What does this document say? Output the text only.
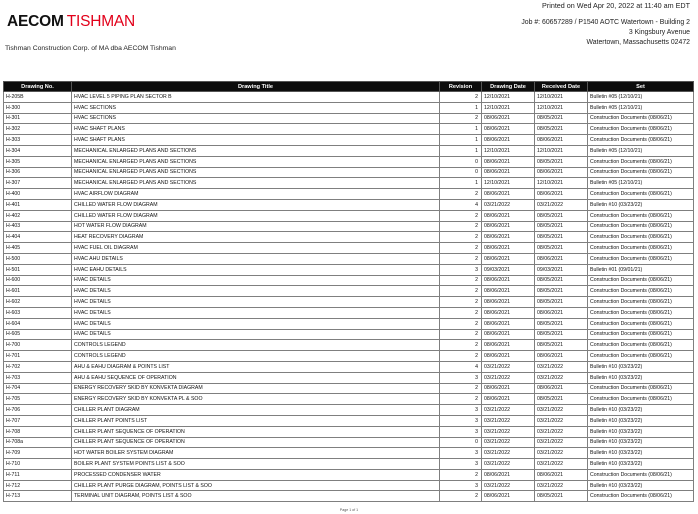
Printed on Wed Apr 20, 2022 at 11:40 am EDT
AECOM TISHMAN
Tishman Construction Corp. of MA dba AECOM Tishman
Job #: 60657289 / P1540 AOTC Watertown - Building 2
3 Kingsbury Avenue
Watertown, Massachusetts 02472
Drawing No.	Drawing Title	Revision	Drawing Date	Received Date	Set
H-205B	HVAC LEVEL 5 PIPING PLAN SECTOR B	2	12/10/2021	12/10/2021	Bulletin #05 (12/10/21)
H-300	HVAC SECTIONS	1	12/10/2021	12/10/2021	Bulletin #05 (12/10/21)
H-301	HVAC SECTIONS	2	08/06/2021	08/05/2021	Construction Documents (08/06/21)
H-302	HVAC SHAFT PLANS	1	08/06/2021	08/05/2021	Construction Documents (08/06/21)
H-303	HVAC SHAFT PLANS	1	08/06/2021	08/06/2021	Construction Documents (08/06/21)
H-304	MECHANICAL ENLARGED PLANS AND SECTIONS	1	12/10/2021	12/10/2021	Bulletin #05 (12/10/21)
H-305	MECHANICAL ENLARGED PLANS AND SECTIONS	0	08/06/2021	08/05/2021	Construction Documents (08/06/21)
H-306	MECHANICAL ENLARGED PLANS AND SECTIONS	0	08/06/2021	08/06/2021	Construction Documents (08/06/21)
H-307	MECHANICAL ENLARGED PLANS AND SECTIONS	1	12/10/2021	12/10/2021	Bulletin #05 (12/10/21)
H-400	HVAC AIRFLOW DIAGRAM	2	08/06/2021	08/06/2021	Construction Documents (08/06/21)
H-401	CHILLED WATER FLOW DIAGRAM	4	03/21/2022	03/21/2022	Bulletin #10 (03/23/22)
H-402	CHILLED WATER FLOW DIAGRAM	2	08/06/2021	08/05/2021	Construction Documents (08/06/21)
H-403	HOT WATER FLOW DIAGRAM	2	08/06/2021	08/05/2021	Construction Documents (08/06/21)
H-404	HEAT RECOVERY DIAGRAM	2	08/06/2021	08/05/2021	Construction Documents (08/06/21)
H-405	HVAC FUEL OIL DIAGRAM	2	08/06/2021	08/05/2021	Construction Documents (08/06/21)
H-500	HVAC AHU DETAILS	2	08/06/2021	08/06/2021	Construction Documents (08/06/21)
H-501	HVAC EAHU DETAILS	3	09/03/2021	09/03/2021	Bulletin #01 (09/01/21)
H-600	HVAC DETAILS	2	08/06/2021	08/05/2021	Construction Documents (08/06/21)
H-601	HVAC DETAILS	2	08/06/2021	08/05/2021	Construction Documents (08/06/21)
H-602	HVAC DETAILS	2	08/06/2021	08/05/2021	Construction Documents (08/06/21)
H-603	HVAC DETAILS	2	08/06/2021	08/06/2021	Construction Documents (08/06/21)
H-604	HVAC DETAILS	2	08/06/2021	08/05/2021	Construction Documents (08/06/21)
H-605	HVAC DETAILS	2	08/06/2021	08/05/2021	Construction Documents (08/06/21)
H-700	CONTROLS LEGEND	2	08/06/2021	08/05/2021	Construction Documents (08/06/21)
H-701	CONTROLS LEGEND	2	08/06/2021	08/06/2021	Construction Documents (08/06/21)
H-702	AHU & EAHU DIAGRAM & POINTS LIST	4	03/21/2022	03/21/2022	Bulletin #10 (03/23/22)
H-703	AHU & EAHU SEQUENCE OF OPERATION	3	03/21/2022	03/21/2022	Bulletin #10 (03/23/22)
H-704	ENERGY RECOVERY SKID BY KONVEKTA DIAGRAM	2	08/06/2021	08/06/2021	Construction Documents (08/06/21)
H-705	ENERGY RECOVERY SKID BY KONVEKTA PL & SOO	2	08/06/2021	08/05/2021	Construction Documents (08/06/21)
H-706	CHILLER PLANT DIAGRAM	3	03/21/2022	03/21/2022	Bulletin #10 (03/23/22)
H-707	CHILLER PLANT POINTS LIST	3	03/21/2022	03/21/2022	Bulletin #10 (03/23/22)
H-708	CHILLER PLANT SEQUENCE OF OPERATION	3	03/21/2022	03/21/2022	Bulletin #10 (03/23/22)
H-708a	CHILLER PLANT SEQUENCE OF OPERATION	0	03/21/2022	03/21/2022	Bulletin #10 (03/23/22)
H-709	HOT WATER BOILER SYSTEM DIAGRAM	3	03/21/2022	03/21/2022	Bulletin #10 (03/23/22)
H-710	BOILER PLANT SYSTEM POINTS LIST & SOO	3	03/21/2022	03/21/2022	Bulletin #10 (03/23/22)
H-711	PROCESSED CONDENSER WATER	2	08/06/2021	08/06/2021	Construction Documents (08/06/21)
H-712	CHILLER PLANT PURGE DIAGRAM, POINTS LIST & SOO	3	03/21/2022	03/21/2022	Bulletin #10 (03/23/22)
H-713	TERMINAL UNIT DIAGRAM, POINTS LIST & SOO	2	08/06/2021	08/05/2021	Construction Documents (08/06/21)
Page 1 of 1
